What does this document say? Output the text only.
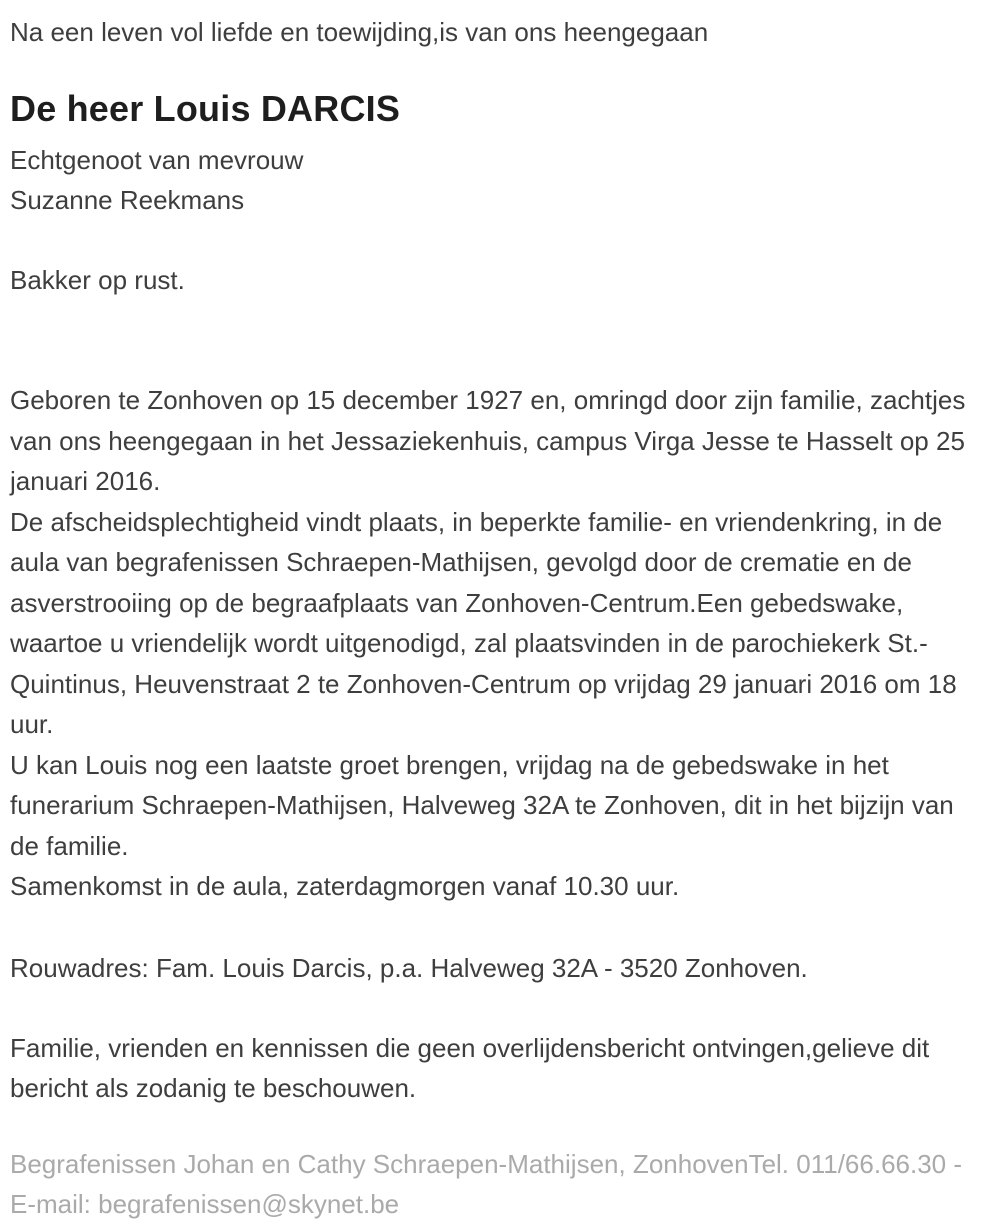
Na een leven vol liefde en toewijding,is van ons heengegaan

De heer Louis DARCIS

Echtgenoot van mevrouw

Suzanne Reekmans

Bakker op rust.

Geboren te Zonhoven op 15 december 1927 en, omringd door zijn familie, zachtjes van ons heengegaan in het Jessaziekenhuis, campus Virga Jesse te Hasselt op 25 januari 2016.

De afscheidsplechtigheid vindt plaats, in beperkte familie- en vriendenkring, in de aula van begrafenissen Schraepen-Mathijsen, gevolgd door de crematie en de asverstrooiing op de begraafplaats van Zonhoven-Centrum.Een gebedswake, waartoe u vriendelijk wordt uitgenodigd, zal plaatsvinden in de parochiekerk St.-Quintinus, Heuvenstraat 2 te Zonhoven-Centrum op vrijdag 29 januari 2016 om 18 uur.

U kan Louis nog een laatste groet brengen, vrijdag na de gebedswake in het funerarium Schraepen-Mathijsen, Halveweg 32A te Zonhoven, dit in het bijzijn van de familie.

Samenkomst in de aula, zaterdagmorgen vanaf 10.30 uur.

Rouwadres: Fam. Louis Darcis, p.a. Halveweg 32A - 3520 Zonhoven.

Familie, vrienden en kennissen die geen overlijdensbericht ontvingen,gelieve dit bericht als zodanig te beschouwen.

Begrafenissen Johan en Cathy Schraepen-Mathijsen, ZonhovenTel. 011/66.66.30 - E-mail: begrafenissen@skynet.be
